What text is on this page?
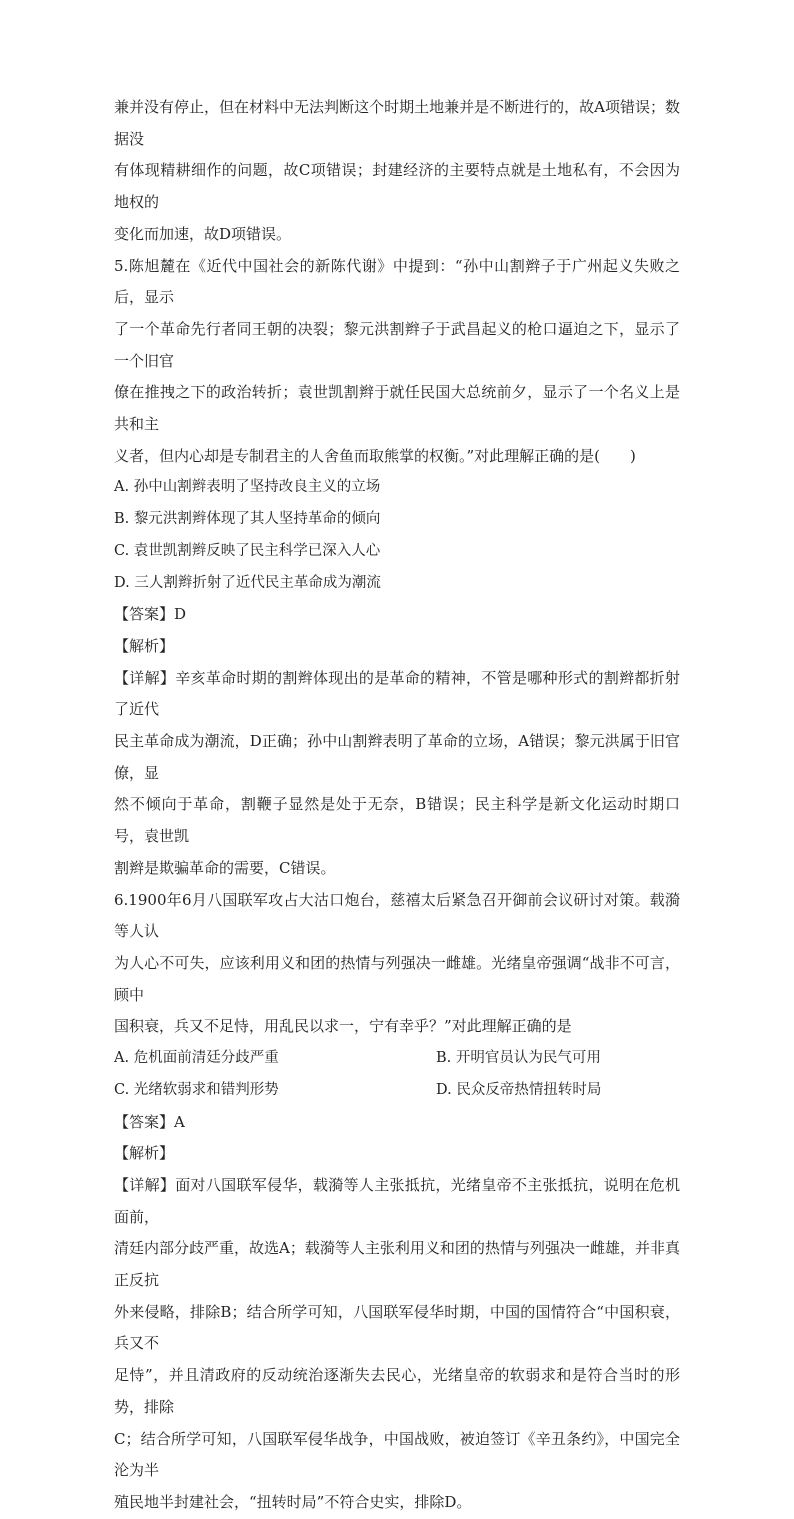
兼并没有停止，但在材料中无法判断这个时期土地兼并是不断进行的，故A项错误；数据没

有体现精耕细作的问题，故C项错误；封建经济的主要特点就是土地私有，不会因为地权的

变化而加速，故D项错误。

5.陈旭麓在《近代中国社会的新陈代谢》中提到：“孙中山割辫子于广州起义失败之后，显示

了一个革命先行者同王朝的决裂；黎元洪割辫子于武昌起义的枪口逼迫之下，显示了一个旧官

僚在推拽之下的政治转折；袁世凯割辫于就任民国大总统前夕，显示了一个名义上是共和主

义者，但内心却是专制君主的人舍鱼而取熊掌的权衡。”对此理解正确的是(　　)

A. 孙中山割辫表明了坚持改良主义的立场
B. 黎元洪割辫体现了其人坚持革命的倾向
C. 袁世凯割辫反映了民主科学已深入人心
D. 三人割辫折射了近代民主革命成为潮流

【答案】D

【解析】

【详解】辛亥革命时期的割辫体现出的是革命的精神，不管是哪种形式的割辫都折射了近代

民主革命成为潮流，D正确；孙中山割辫表明了革命的立场，A错误；黎元洪属于旧官僚，显

然不倾向于革命，割鞭子显然是处于无奈，B错误；民主科学是新文化运动时期口号，袁世凯

割辫是欺骗革命的需要，C错误。

6.1900年6月八国联军攻占大沽口炮台，慈禧太后紧急召开御前会议研讨对策。载漪等人认

为人心不可失，应该利用义和团的热情与列强决一雌雄。光绪皇帝强调“战非不可言，顾中

国积衰，兵又不足恃，用乱民以求一，宁有幸乎？”对此理解正确的是

A. 危机面前清廷分歧严重	B. 开明官员认为民气可用
C. 光绪软弱求和错判形势	D. 民众反帝热情扭转时局

【答案】A

【解析】

【详解】面对八国联军侵华，载漪等人主张抵抗，光绪皇帝不主张抵抗，说明在危机面前，

清廷内部分歧严重，故选A；载漪等人主张利用义和团的热情与列强决一雌雄，并非真正反抗

外来侵略，排除B；结合所学可知，八国联军侵华时期，中国的国情符合“中国积衰，兵又不

足恃”，并且清政府的反动统治逐渐失去民心，光绪皇帝的软弱求和是符合当时的形势，排除

C；结合所学可知，八国联军侵华战争，中国战败，被迫签订《辛丑条约》，中国完全沦为半

殖民地半封建社会，“扭转时局”不符合史实，排除D。
